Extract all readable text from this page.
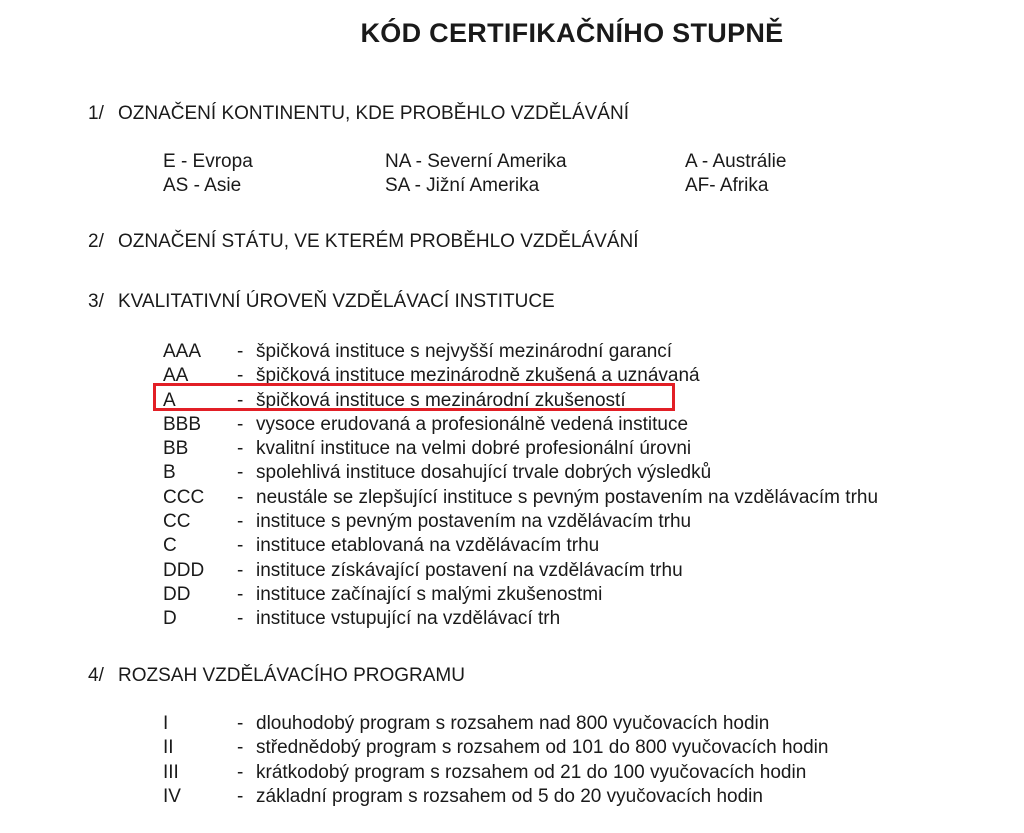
KÓD CERTIFIKAČNÍHO STUPNĚ
1/ OZNAČENÍ KONTINENTU, KDE PROBĚHLO VZDĚLÁVÁNÍ
E - Evropa	NA - Severní Amerika	A - Austrálie
AS - Asie	SA - Jižní Amerika	AF- Afrika
2/ OZNAČENÍ STÁTU, VE KTERÉM PROBĚHLO VZDĚLÁVÁNÍ
3/ KVALITATIVNÍ ÚROVEŇ VZDĚLÁVACÍ INSTITUCE
AAA - špičková instituce s nejvyšší mezinárodní garancí
AA	- špičková instituce mezinárodně zkušená a uznávaná
A	- špičková instituce s mezinárodní zkušeností
BBB - vysoce erudovaná a profesionálně vedená instituce
BB	- kvalitní instituce na velmi dobré profesionální úrovni
B	- spolehlivá instituce dosahující trvale dobrých výsledků
CCC - neustále se zlepšující instituce s pevným postavením na vzdělávacím trhu
CC - instituce s pevným postavením na vzdělávacím trhu
C	- instituce etablovaná na vzdělávacím trhu
DDD - instituce získávající postavení na vzdělávacím trhu
DD - instituce začínající s malými zkušenostmi
D	- instituce vstupující na vzdělávací trh
4/ ROZSAH VZDĚLÁVACÍHO PROGRAMU
I	- dlouhodobý program s rozsahem nad 800 vyučovacích hodin
II	- střednědobý program s rozsahem od 101 do 800 vyučovacích hodin
III	- krátkodobý program s rozsahem od 21 do 100 vyučovacích hodin
IV	- základní program s rozsahem od 5 do 20 vyučovacích hodin
